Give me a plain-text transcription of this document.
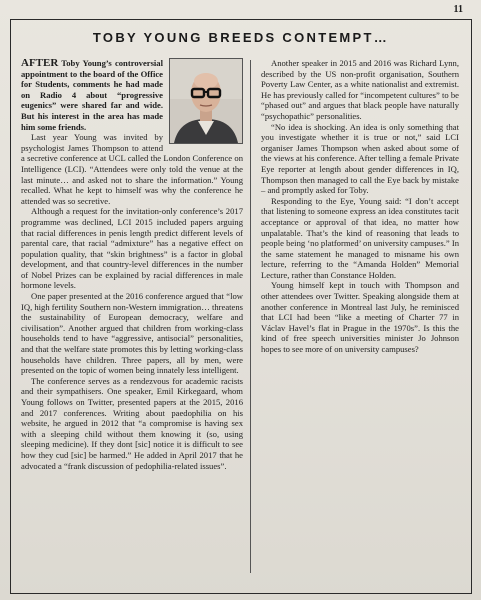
11
TOBY YOUNG BREEDS CONTEMPT…

AFTER Toby Young’s controversial appointment to the board of the Office for Students, comments he had made on Radio 4 about “progressive eugenics” were shared far and wide. But his interest in the area has made him some friends.

Last year Young was invited by psychologist James Thompson to attend a secretive conference at UCL called the London Conference on Intelligence (LCI). “Attendees were only told the venue at the last minute… and asked not to share the information.” Young recalled. What he kept to himself was why the conference he attended was so secretive.

Although a request for the invitation-only conference’s 2017 programme was declined, LCI 2015 included papers arguing that racial differences in penis length predict different levels of parental care, that racial “admixture” has a negative effect on population quality, that “skin brightness” is a factor in global development, and that country-level differences in the number of Nobel Prizes can be explained by racial differences in male hormone levels.

One paper presented at the 2016 conference argued that “low IQ, high fertility Southern non-Western immigration… threatens the sustainability of European democracy, welfare and civilisation”. Another argued that children from working-class households tend to have “aggressive, antisocial” personalities, and that the welfare state promotes this by letting working-class households have children. Three papers, all by men, were presented on the topic of women being innately less intelligent.

The conference serves as a rendezvous for academic racists and their sympathisers. One speaker, Emil Kirkegaard, whom Young follows on Twitter, presented papers at the 2015, 2016 and 2017 conferences. Writing about paedophilia on his website, he argued in 2012 that “a compromise is having sex with a sleeping child without them knowing it (so, using sleeping medicine). If they dont [sic] notice it is difficult to see how they cud [sic] be harmed.” He added in April 2017 that he advocated a “frank discussion of pedophilia-related issues”.

Another speaker in 2015 and 2016 was Richard Lynn, described by the US non-profit organisation, Southern Poverty Law Center, as a white nationalist and extremist. He has previously called for “incompetent cultures” to be “phased out” and argues that black people have naturally “psychopathic” personalities.

“No idea is shocking. An idea is only something that you investigate whether it is true or not,” said LCI organiser James Thompson when asked about some of the views at his conference. After telling a female Private Eye reporter at length about gender differences in IQ, Thompson then managed to call the Eye back by mistake – and promptly asked for Toby.

Responding to the Eye, Young said: “I don’t accept that listening to someone express an idea constitutes tacit acceptance or approval of that idea, no matter how unpalatable. That’s the kind of reasoning that leads to people being ‘no platformed’ on university campuses.” In the same statement he managed to misname his own lecture, referring to the “Amanda Holden” Memorial Lecture, rather than Constance Holden.

Young himself kept in touch with Thompson and other attendees over Twitter. Speaking alongside them at another conference in Montreal last July, he reminisced that LCI had been “like a meeting of Charter 77 in Václav Havel’s flat in Prague in the 1970s”. Is this the kind of free speech universities minister Jo Johnson hopes to see more of on university campuses?
